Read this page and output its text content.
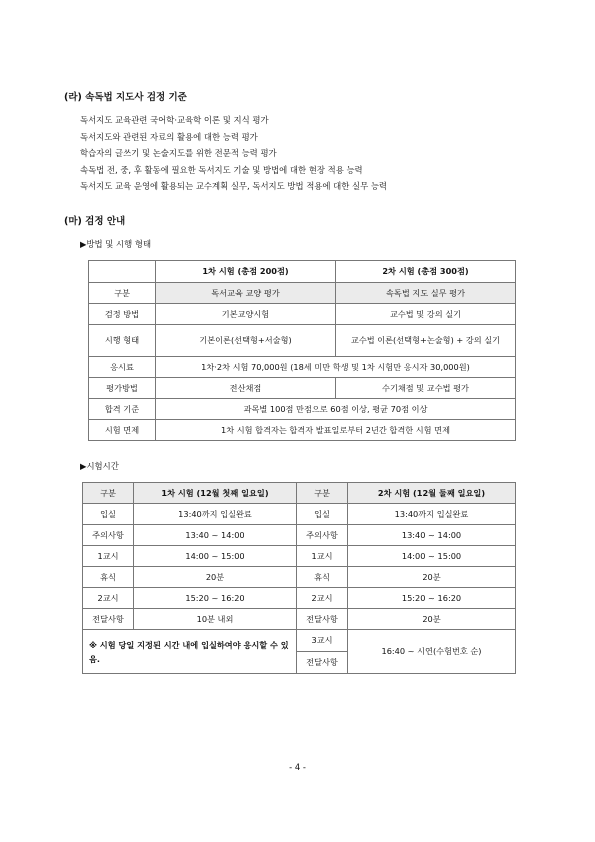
(라) 속독법 지도사 검정 기준
독서지도 교육관련 국어학·교육학 이론 및 지식 평가
독서지도와 관련된 자료의 활용에 대한 능력 평가
학습자의 글쓰기 및 논술지도를 위한 전문적 능력 평가
속독법 전, 중, 후 활동에 필요한 독서지도 기술 및 방법에 대한 현장 적용 능력
독서지도 교육 운영에 활용되는 교수계획 실무, 독서지도 방법 적용에 대한 실무 능력
(마) 검정 안내
▶방법 및 시행 형태
	1차 시험 (총점 200점)	2차 시험 (총점 300점)
구분	독서교육 교양 평가	속독법 지도 실무 평가
검정 방법	기본교양시험	교수법 및 강의 실기
시행 형태	기본이론(선택형+서술형)	교수법 이론(선택형+논술형) + 강의 실기
응시료	1차·2차 시험 70,000원 (18세 미만 학생 및 1차 시험만 응시자 30,000원)	
평가방법	전산채점	수기채점 및 교수법 평가
합격 기준	과목별 100점 만점으로 60점 이상, 평균 70점 이상	
시험 면제	1차 시험 합격자는 합격자 발표일로부터 2년간 합격한 시험 면제	
▶시험시간
구분	1차 시험 (12월 첫째 일요일)	구분	2차 시험 (12월 둘째 일요일)
입실	13:40까지 입실완료	입실	13:40까지 입실완료
주의사항	13:40 ~ 14:00	주의사항	13:40 ~ 14:00
1교시	14:00 ~ 15:00	1교시	14:00 ~ 15:00
휴식	20분	휴식	20분
2교시	15:20 ~ 16:20	2교시	15:20 ~ 16:20
전달사항	10분 내외	전달사항	20분
※ 시험 당일 지정된 시간 내에 입실하여야 응시할 수 있음.		3교시	16:40 ~ 시연(수험번호 순)
		전달사항	
- 4 -
